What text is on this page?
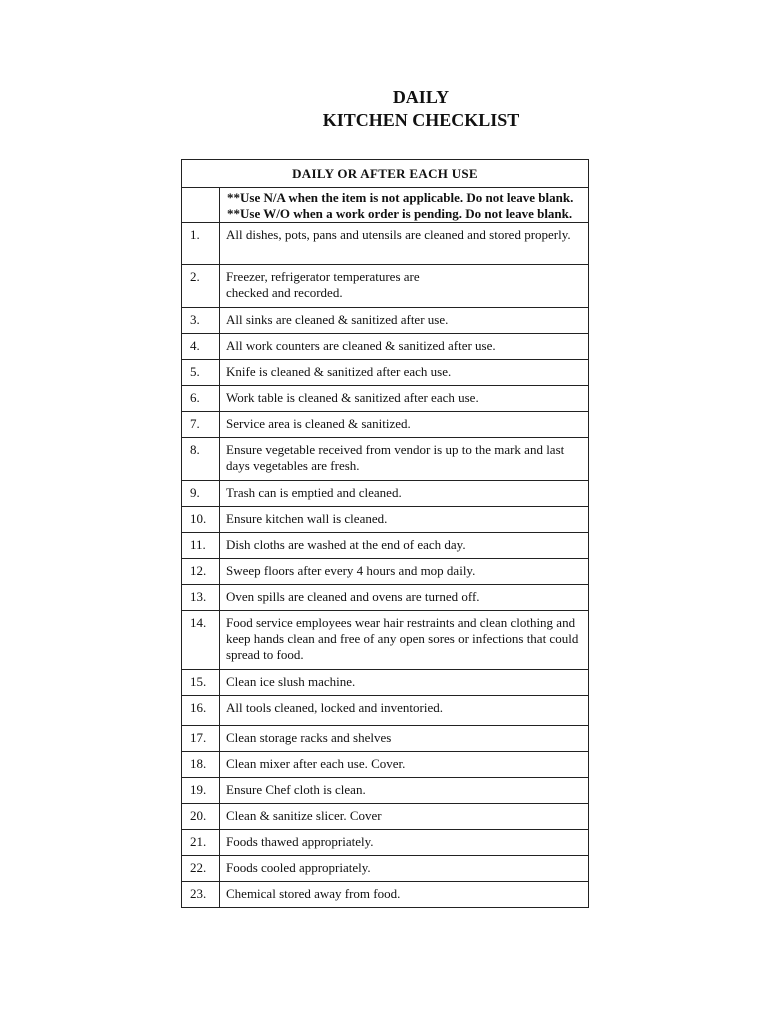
DAILY
KITCHEN CHECKLIST
DAILY OR AFTER EACH USE	

	**Use N/A when the item is not applicable. Do not leave blank.
**Use W/O when a work order is pending. Do not leave blank.

1.	All dishes, pots, pans and utensils are cleaned and stored properly.
2.	Freezer, refrigerator temperatures are
checked and recorded.
3.	All sinks are cleaned & sanitized after use.
4.	All work counters are cleaned & sanitized after use.
5.	Knife is cleaned & sanitized after each use.
6.	Work table is cleaned & sanitized after each use.
7.	Service area is cleaned & sanitized.
8.	Ensure vegetable received from vendor is up to the mark and last days vegetables are fresh.
9.	Trash can is emptied and cleaned.
10.	Ensure kitchen wall is cleaned.
11.	Dish cloths are washed at the end of each day.
12.	Sweep floors after every 4 hours and mop daily.
13.	Oven spills are cleaned and ovens are turned off.
14.	Food service employees wear hair restraints and clean clothing and keep hands clean and free of any open sores or infections that could spread to food.
15.	Clean ice slush machine.
16.	All tools cleaned, locked and inventoried.
17.	Clean storage racks and shelves
18.	Clean mixer after each use. Cover.
19.	Ensure Chef cloth is clean.
20.	Clean & sanitize slicer. Cover
21.	Foods thawed appropriately.
22.	Foods cooled appropriately.
23.	Chemical stored away from food.
